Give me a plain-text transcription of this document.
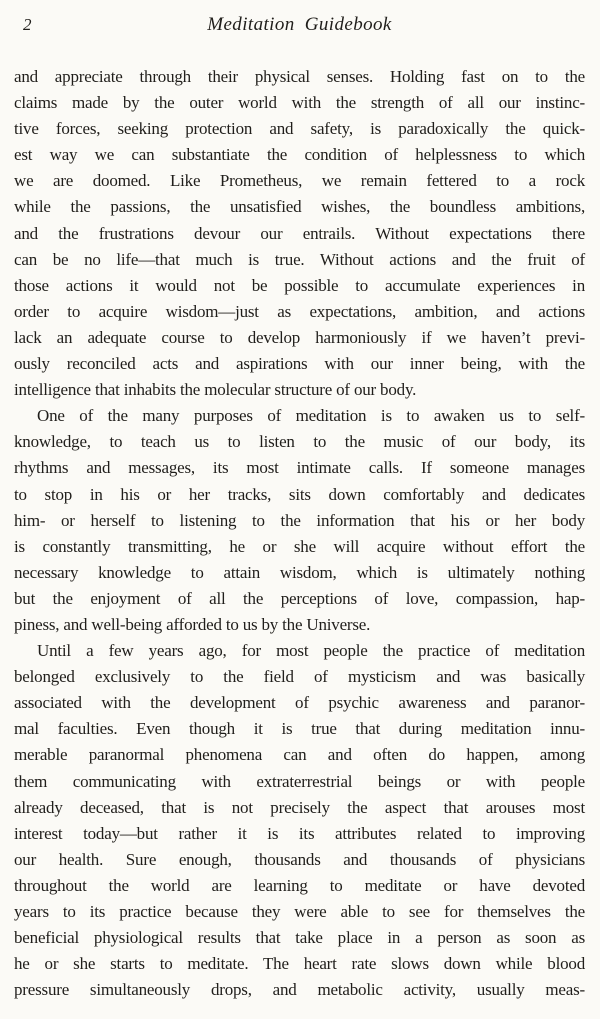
2	Meditation Guidebook
and appreciate through their physical senses. Holding fast on to the
claims made by the outer world with the strength of all our instinc-
tive forces, seeking protection and safety, is paradoxically the quick-
est way we can substantiate the condition of helplessness to which
we are doomed. Like Prometheus, we remain fettered to a rock
while the passions, the unsatisfied wishes, the boundless ambitions,
and the frustrations devour our entrails. Without expectations there
can be no life—that much is true. Without actions and the fruit of
those actions it would not be possible to accumulate experiences in
order to acquire wisdom—just as expectations, ambition, and actions
lack an adequate course to develop harmoniously if we haven’t previ-
ously reconciled acts and aspirations with our inner being, with the
intelligence that inhabits the molecular structure of our body.
One of the many purposes of meditation is to awaken us to self-
knowledge, to teach us to listen to the music of our body, its
rhythms and messages, its most intimate calls. If someone manages
to stop in his or her tracks, sits down comfortably and dedicates
him- or herself to listening to the information that his or her body
is constantly transmitting, he or she will acquire without effort the
necessary knowledge to attain wisdom, which is ultimately nothing
but the enjoyment of all the perceptions of love, compassion, hap-
piness, and well-being afforded to us by the Universe.
Until a few years ago, for most people the practice of meditation
belonged exclusively to the field of mysticism and was basically
associated with the development of psychic awareness and paranor-
mal faculties. Even though it is true that during meditation innu-
merable paranormal phenomena can and often do happen, among
them communicating with extraterrestrial beings or with people
already deceased, that is not precisely the aspect that arouses most
interest today—but rather it is its attributes related to improving
our health. Sure enough, thousands and thousands of physicians
throughout the world are learning to meditate or have devoted
years to its practice because they were able to see for themselves the
beneficial physiological results that take place in a person as soon as
he or she starts to meditate. The heart rate slows down while blood
pressure simultaneously drops, and metabolic activity, usually meas-
